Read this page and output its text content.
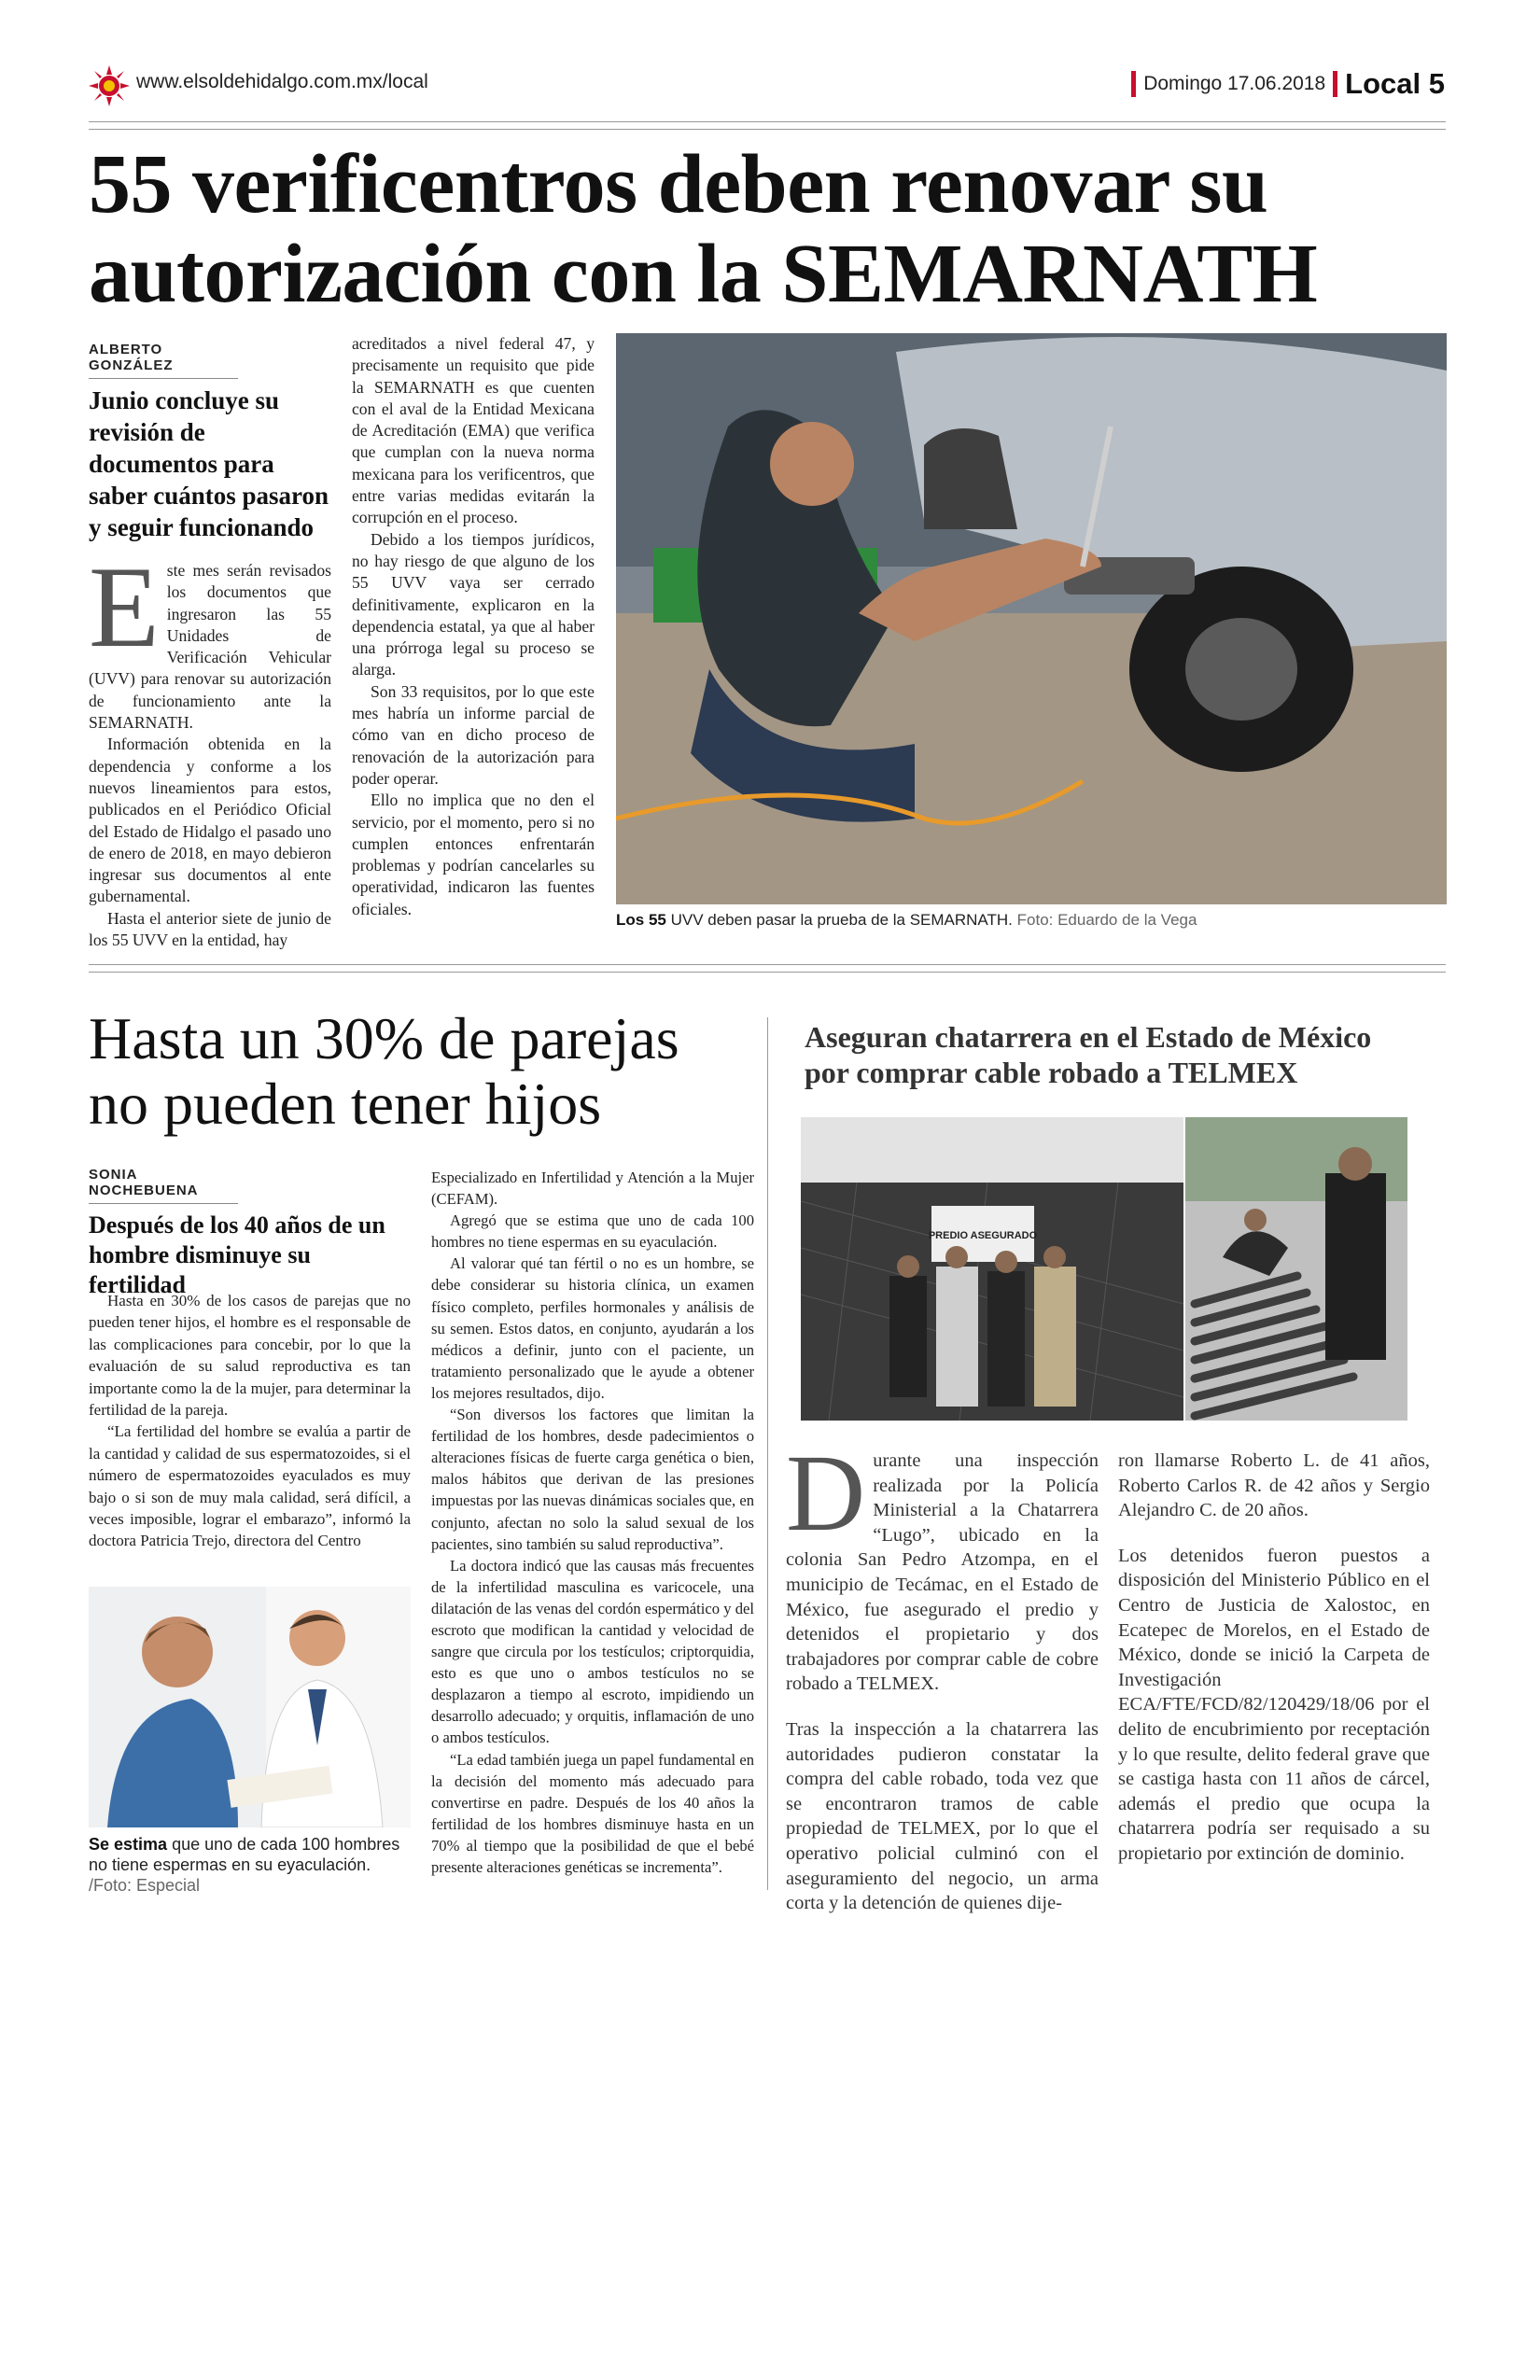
www.elsoldehidalgo.com.mx/local	Domingo 17.06.2018 Local 5
55 verificentros deben renovar su
autorización con la SEMARNATH
ALBERTO GONZÁLEZ
Junio concluye su revisión de documentos para saber cuántos pasaron y seguir funcionando

Este mes serán revisados los documentos que ingresaron las 55 Unidades de Verificación Vehicular (UVV) para renovar su autorización de funcionamiento ante la SEMARNATH.

Información obtenida en la dependencia y conforme a los nuevos lineamientos para estos, publicados en el Periódico Oficial del Estado de Hidalgo el pasado uno de enero de 2018, en mayo debieron ingresar sus documentos al ente gubernamental.

Hasta el anterior siete de junio de los 55 UVV en la entidad, hay

acreditados a nivel federal 47, y precisamente un requisito que pide la SEMARNATH es que cuenten con el aval de la Entidad Mexicana de Acreditación (EMA) que verifica que cumplan con la nueva norma mexicana para los verificentros, que entre varias medidas evitarán la corrupción en el proceso.

Debido a los tiempos jurídicos, no hay riesgo de que alguno de los 55 UVV vaya ser cerrado definitivamente, explicaron en la dependencia estatal, ya que al haber una prórroga legal su proceso se alarga.

Son 33 requisitos, por lo que este mes habría un informe parcial de cómo van en dicho proceso de renovación de la autorización para poder operar.

Ello no implica que no den el servicio, por el momento, pero si no cumplen entonces enfrentarán problemas y podrían cancelarles su operatividad, indicaron las fuentes oficiales.

Los 55 UVV deben pasar la prueba de la SEMARNATH. Foto: Eduardo de la Vega
Hasta un 30% de parejas
no pueden tener hijos
SONIA NOCHEBUENA
Después de los 40 años de un hombre disminuye su fertilidad

Hasta en 30% de los casos de parejas que no pueden tener hijos, el hombre es el responsable de las complicaciones para concebir, por lo que la evaluación de su salud reproductiva es tan importante como la de la mujer, para determinar la fertilidad de la pareja.

“La fertilidad del hombre se evalúa a partir de la cantidad y calidad de sus espermatozoides, si el número de espermatozoides eyaculados es muy bajo o si son de muy mala calidad, será difícil, a veces imposible, lograr el embarazo”, informó la doctora Patricia Trejo, directora del Centro

Se estima que uno de cada 100 hombres no tiene espermas en su eyaculación. /Foto: Especial

Especializado en Infertilidad y Atención a la Mujer (CEFAM).

Agregó que se estima que uno de cada 100 hombres no tiene espermas en su eyaculación.

Al valorar qué tan fértil o no es un hombre, se debe considerar su historia clínica, un examen físico completo, perfiles hormonales y análisis de su semen. Estos datos, en conjunto, ayudarán a los médicos a definir, junto con el paciente, un tratamiento personalizado que le ayude a obtener los mejores resultados, dijo.

“Son diversos los factores que limitan la fertilidad de los hombres, desde padecimientos o alteraciones físicas de fuerte carga genética o bien, malos hábitos que derivan de las presiones impuestas por las nuevas dinámicas sociales que, en conjunto, afectan no solo la salud sexual de los pacientes, sino también su salud reproductiva”.

La doctora indicó que las causas más frecuentes de la infertilidad masculina es varicocele, una dilatación de las venas del cordón espermático y del escroto que modifican la cantidad y velocidad de sangre que circula por los testículos; criptorquidia, esto es que uno o ambos testículos no se desplazaron a tiempo al escroto, impidiendo un desarrollo adecuado; y orquitis, inflamación de uno o ambos testículos.

“La edad también juega un papel fundamental en la decisión del momento más adecuado para convertirse en padre. Después de los 40 años la fertilidad de los hombres disminuye hasta en un 70% al tiempo que la posibilidad de que el bebé presente alteraciones genéticas se incrementa”.

Aseguran chatarrera en el Estado de México
por comprar cable robado a TELMEX
PREDIO ASEGURADO

Durante una inspección realizada por la Policía Ministerial a la Chatarrera “Lugo”, ubicado en la colonia San Pedro Atzompa, en el municipio de Tecámac, en el Estado de México, fue asegurado el predio y detenidos el propietario y dos trabajadores por comprar cable de cobre robado a TELMEX.

Tras la inspección a la chatarrera las autoridades pudieron constatar la compra del cable robado, toda vez que se encontraron tramos de cable propiedad de TELMEX, por lo que el operativo policial culminó con el aseguramiento del negocio, un arma corta y la detención de quienes dije-

ron llamarse Roberto L. de 41 años, Roberto Carlos R. de 42 años y Sergio Alejandro C. de 20 años.

Los detenidos fueron puestos a disposición del Ministerio Público en el Centro de Justicia de Xalostoc, en Ecatepec de Morelos, en el Estado de México, donde se inició la Carpeta de Investigación ECA/FTE/FCD/82/120429/18/06 por el delito de encubrimiento por receptación y lo que resulte, delito federal grave que se castiga hasta con 11 años de cárcel, además el predio que ocupa la chatarrera podría ser requisado a su propietario por extinción de dominio.
